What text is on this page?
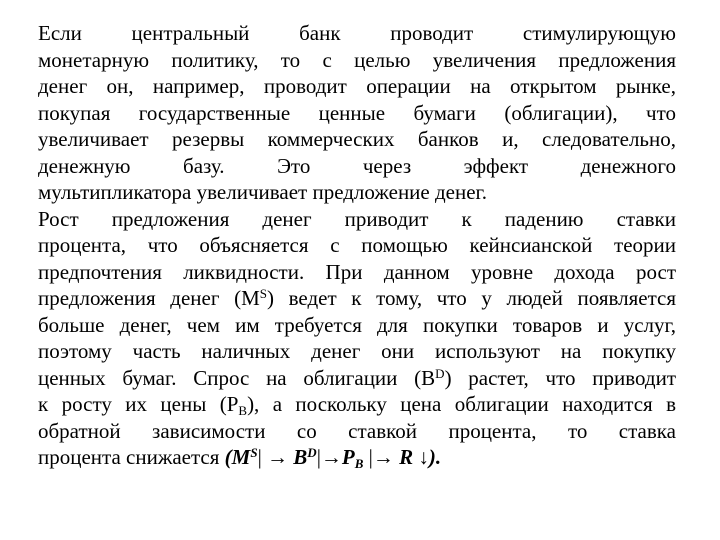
Если центральный банк проводит стимулирующую
монетарную политику, то с целью увеличения предложения
денег он, например, проводит операции на открытом рынке,
покупая государственные ценные бумаги (облигации), что
увеличивает резервы коммерческих банков и, следовательно,
денежную базу. Это через эффект денежного
мультипликатора увеличивает предложение денег.
Рост предложения денег приводит к падению ставки
процента, что объясняется с помощью кейнсианской теории
предпочтения ликвидности. При данном уровне дохода рост
предложения денег $(M^S)$ ведет к тому, что у людей появляется
больше денег, чем им требуется для покупки товаров и услуг,
поэтому часть наличных денег они используют на покупку
ценных бумаг. Спрос на облигации $(B^D)$ растет, что приводит
к росту их цены $(P_B)$, а поскольку цена облигации находится в
обратной зависимости со ставкой процента, то ставка
процента снижается ($M^S| \to B^D|\to P_B$ |→ R ↓).
